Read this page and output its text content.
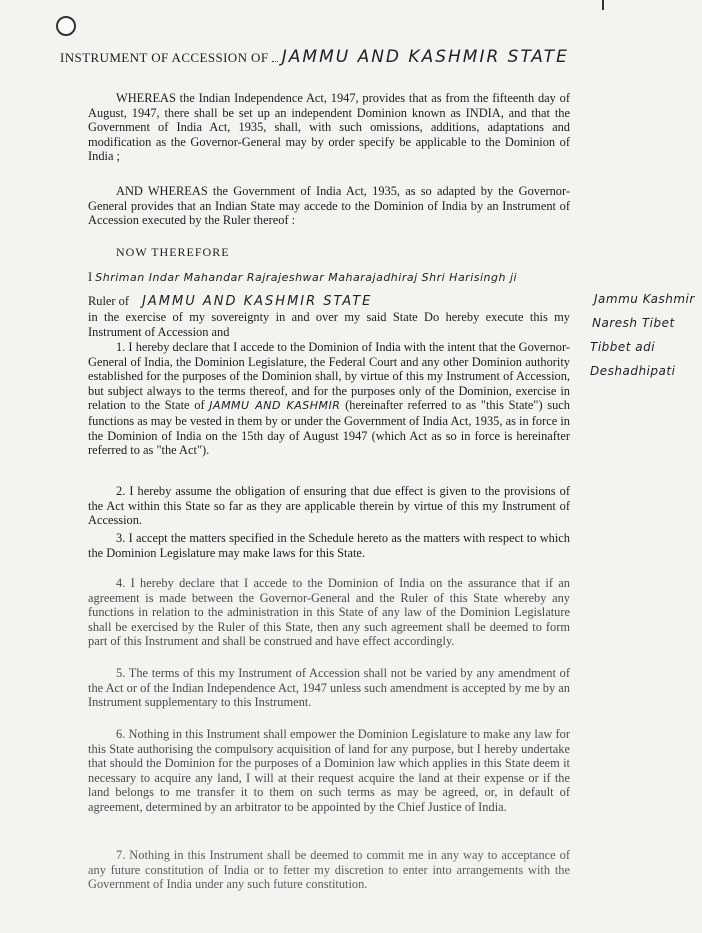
INSTRUMENT OF ACCESSION OF JAMMU AND KASHMIR STATE
WHEREAS the Indian Independence Act, 1947, provides that as from the fifteenth day of August, 1947, there shall be set up an independent Dominion known as INDIA, and that the Government of India Act, 1935, shall, with such omissions, additions, adaptations and modification as the Governor-General may by order specify be applicable to the Dominion of India ;
AND WHEREAS the Government of India Act, 1935, as so adapted by the Governor-General provides that an Indian State may accede to the Dominion of India by an Instrument of Accession executed by the Ruler thereof :
NOW THEREFORE
I Shriman Indar Mahandar Rajrajeshwar Maharajadhiraj Shri Harisingh ji
Ruler of JAMMU AND KASHMIR STATE
in the exercise of my sovereignty in and over my said State Do hereby execute this my Instrument of Accession and
Jammu Kashmir
Naresh Tibet
Tibbet adi
Deshadhipati
1. I hereby declare that I accede to the Dominion of India with the intent that the Governor-General of India, the Dominion Legislature, the Federal Court and any other Dominion authority established for the purposes of the Dominion shall, by virtue of this my Instrument of Accession, but subject always to the terms thereof, and for the purposes only of the Dominion, exercise in relation to the State of JAMMU AND KASHMIR (hereinafter referred to as "this State") such functions as may be vested in them by or under the Government of India Act, 1935, as in force in the Dominion of India on the 15th day of August 1947 (which Act as so in force is hereinafter referred to as "the Act").
2. I hereby assume the obligation of ensuring that due effect is given to the provisions of the Act within this State so far as they are applicable therein by virtue of this my Instrument of Accession.
3. I accept the matters specified in the Schedule hereto as the matters with respect to which the Dominion Legislature may make laws for this State.
4. I hereby declare that I accede to the Dominion of India on the assurance that if an agreement is made between the Governor-General and the Ruler of this State whereby any functions in relation to the administration in this State of any law of the Dominion Legislature shall be exercised by the Ruler of this State, then any such agreement shall be deemed to form part of this Instrument and shall be construed and have effect accordingly.
5. The terms of this my Instrument of Accession shall not be varied by any amendment of the Act or of the Indian Independence Act, 1947 unless such amendment is accepted by me by an Instrument supplementary to this Instrument.
6. Nothing in this Instrument shall empower the Dominion Legislature to make any law for this State authorising the compulsory acquisition of land for any purpose, but I hereby undertake that should the Dominion for the purposes of a Dominion law which applies in this State deem it necessary to acquire any land, I will at their request acquire the land at their expense or if the land belongs to me transfer it to them on such terms as may be agreed, or, in default of agreement, determined by an arbitrator to be appointed by the Chief Justice of India.
7. Nothing in this Instrument shall be deemed to commit me in any way to acceptance of any future constitution of India or to fetter my discretion to enter into arrangements with the Government of India under any such future constitution.
